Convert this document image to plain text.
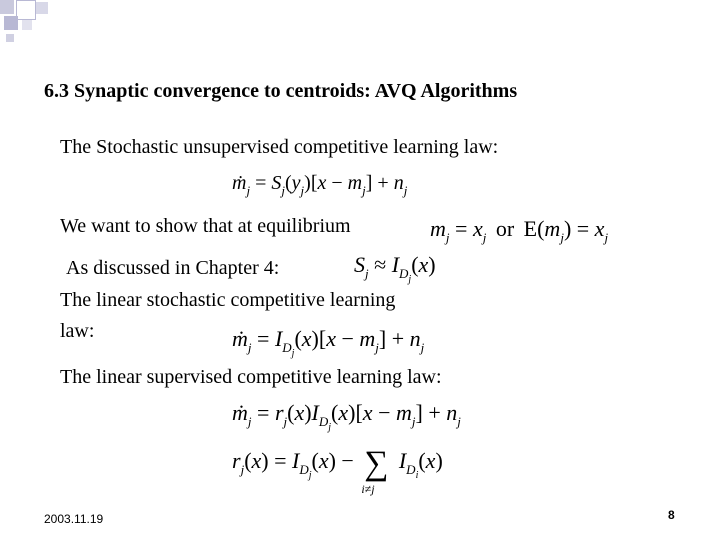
6.3 Synaptic convergence to centroids: AVQ Algorithms
The Stochastic unsupervised competitive learning law:
ṁ$_j$ = $S_j(y_j)[x - m_j] + n_j$
We want to show that at equilibrium	$m_j = x_j$ or $E(m_j) = x_j$
As discussed in Chapter 4:	$S_j \approx I_{D_j}(x)$
The linear stochastic competitive learning
law:	ṁ$_j$ = $I_{D_j}(x)[x - m_j] + n_j$
The linear supervised competitive learning law:
ṁ$_j$ = $r_j(x)I_{D_j}(x)[x - m_j] + n_j$
$r_j(x) = I_{D_j}(x)$ − ∑
i≠j
$I_{D_i}(x)$
2003.11.19	8
